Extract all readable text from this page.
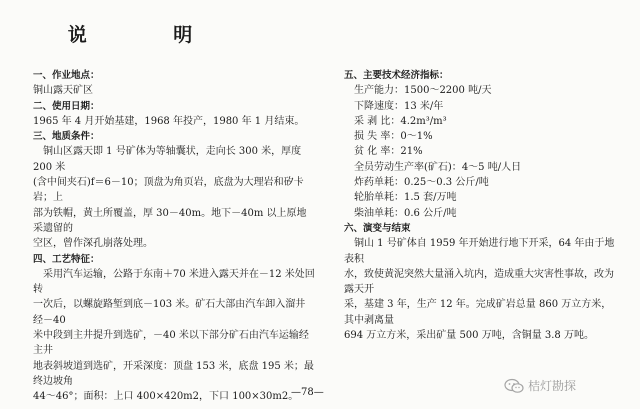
说 明
一、作业地点：
铜山露天矿区
二、使用日期：
1965 年 4 月开始基建，1968 年投产，1980 年 1 月结束。
三、地质条件：
铜山区露天即 1 号矿体为等轴囊状，走向长 300 米，厚度 200 米
(含中间夹石)f＝6－10；顶盘为角页岩，底盘为大理岩和矽卡岩；上
部为铁帽，黄土所覆盖，厚 30－40m。地下－40m 以上原地采遗留的
空区，曾作深孔崩落处理。
四、工艺特征：
采用汽车运输，公路于东南＋70 米进入露天并在－12 米处回转
一次后，以螺旋路堑到底－103 米。矿石大部由汽车卸入溜井经－40
米中段到主井提升到选矿，－40 米以下部分矿石由汽车运输经主井
地表斜坡道到选矿，开采深度：顶盘 153 米，底盘 195 米；最终边坡角
44～46°；面积：上口 400×420m2，下口 100×30m2。
五、主要技术经济指标：
生产能力： 1500～2200 吨/天
下降速度： 13 米/年
采 剥 比： 4.2m³/m³
损 失 率： 0～1%
贫 化 率： 21%
全员劳动生产率(矿石)： 4～5 吨/人日
炸药单耗： 0.25～0.3 公斤/吨
轮胎单耗： 1.5 套/万吨
柴油单耗： 0.6 公斤/吨
六、演变与结束
铜山 1 号矿体自 1959 年开始进行地下开采，64 年由于地表积
水，致使黄泥突然大量涌入坑内，造成重大灾害性事故，改为露天开
采，基建 3 年，生产 12 年。完成矿岩总量 860 万立方米，其中剥离量
694 万立方米，采出矿量 500 万吨，含铜量 3.8 万吨。
—78—	桔灯勘探
